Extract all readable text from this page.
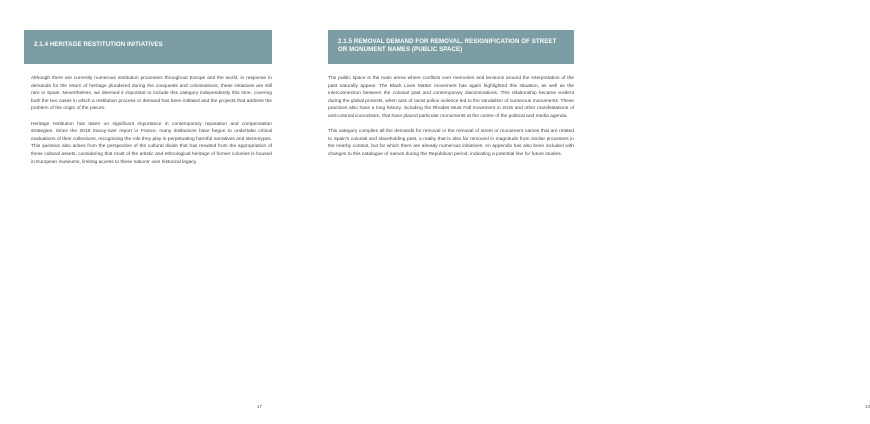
2.1.4 HERITAGE RESTITUTION INITIATIVES

Although there are currently numerous restitution processes throughout Europe and the world, in response to demands for the return of heritage plundered during the conquests and colonisations, these initiatives are still rare in Spain. Nevertheless, we deemed it important to include this category independently this time, covering both the two cases in which a restitution process or demand has been initiated and the projects that address the problem of the origin of the pieces.

Heritage restitution has taken on significant importance in contemporary reparation and compensation strategies. Since the 2018 Savoy-Sarr report in France, many institutions have begun to undertake critical evaluations of their collections, recognising the role they play in perpetuating harmful narratives and stereotypes. This question also arises from the perspective of the cultural divide that has resulted from the appropriation of these cultural assets, considering that most of the artistic and ethnological heritage of former colonies is housed in European museums, limiting access to these nations' own historical legacy.

17
2.1.5 REMOVAL DEMAND FOR REMOVAL, RESIGNIFICATION OF STREET OR MONUMENT NAMES (PUBLIC SPACE)

The public space is the main arena where conflicts over memories and tensions around the interpretation of the past naturally appear. The Black Lives Matter movement has again highlighted this situation, as well as the interconnection between the colonial past and contemporary discriminations. This relationship became evident during the global protests, when acts of racist police violence led to the vandalism of numerous monuments. These practices also have a long history, including the Rhodes Must Fall movement in 2015 and other manifestations of anti-colonial iconoclasm, that have placed particular monuments at the centre of the political and media agenda.

This category compiles all the demands for removal or the removal of street or monument names that are related to Spain's colonial and slaveholding past, a reality that is also far removed in magnitude from similar processes in the nearby context, but for which there are already numerous initiatives. An appendix has also been included with changes to this catalogue of names during the Republican period, indicating a potential line for future studies.

13
